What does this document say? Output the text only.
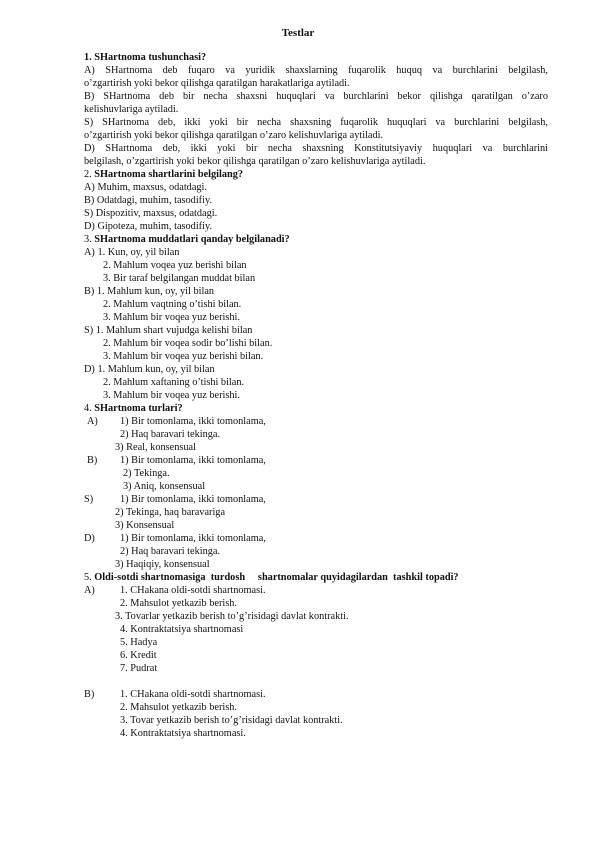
Testlar

1. SHartnoma tushunchasi?

A) SHartnoma deb fuqaro va yuridik shaxslarning fuqarolik huquq va burchlarini belgilash,

o’zgartirish yoki bekor qilishga qaratilgan harakatlariga aytiladi.

B) SHartnoma deb bir necha shaxsni huquqlari va burchlarini bekor qilishga qaratilgan o’zaro

kelishuvlariga aytiladi.

S) SHartnoma deb, ikki yoki bir necha shaxsning fuqarolik huquqlari va burchlarini belgilash,

o’zgartirish yoki bekor qilishga qaratilgan o’zaro kelishuvlariga aytiladi.

D) SHartnoma deb, ikki yoki bir necha shaxsning Konstitutsiyaviy huquqlari va burchlarini

belgilash, o’zgartirish yoki bekor qilishga qaratilgan o’zaro kelishuvlariga aytiladi.

2. SHartnoma shartlarini belgilang?

A) Muhim, maxsus, odatdagi.

B) Odatdagi, muhim, tasodifiy.

S) Dispozitiv, maxsus, odatdagi.

D) Gipoteza, muhim, tasodifiy.

3. SHartnoma muddatlari qanday belgilanadi?

A) 1. Kun, oy, yil bilan

2. Mahlum voqea yuz berishi bilan

3. Bir taraf belgilangan muddat bilan

B) 1. Mahlum kun, oy, yil bilan

2. Mahlum vaqtning o’tishi bilan.

3. Mahlum bir voqea yuz berishi.

S) 1. Mahlum shart vujudga kelishi bilan

2. Mahlum bir voqea sodir bo’lishi bilan.

3. Mahlum bir voqea yuz berishi bilan.

D) 1. Mahlum kun, oy, yil bilan

2. Mahlum xaftaning o’tishi bilan.

3. Mahlum bir voqea yuz berishi.

4. SHartnoma turlari?

A)	1) Bir tomonlama, ikki tomonlama,

2) Haq baravari tekinga.

3) Real, konsensual

B)	1) Bir tomonlama, ikki tomonlama,

2) Tekinga.

3) Aniq, konsensual

S)	1) Bir tomonlama, ikki tomonlama,

2) Tekinga, haq baravariga

3) Konsensual

D)	1) Bir tomonlama, ikki tomonlama,

2) Haq baravari tekinga.

3) Haqiqiy, konsensual

5. Oldi-sotdi shartnomasiga  turdosh     shartnomalar quyidagilardan  tashkil topadi?

A)	1. CHakana oldi-sotdi shartnomasi.

2. Mahsulot yetkazib berish.

3. Tovarlar yetkazib berish to’g’risidagi davlat kontrakti.

4. Kontraktatsiya shartnomasi

5. Hadya

6. Kredit

7. Pudrat

B)	1. CHakana oldi-sotdi shartnomasi.

2. Mahsulot yetkazib berish.

3. Tovar yetkazib berish to’g’risidagi davlat kontrakti.

4. Kontraktatsiya shartnomasi.
